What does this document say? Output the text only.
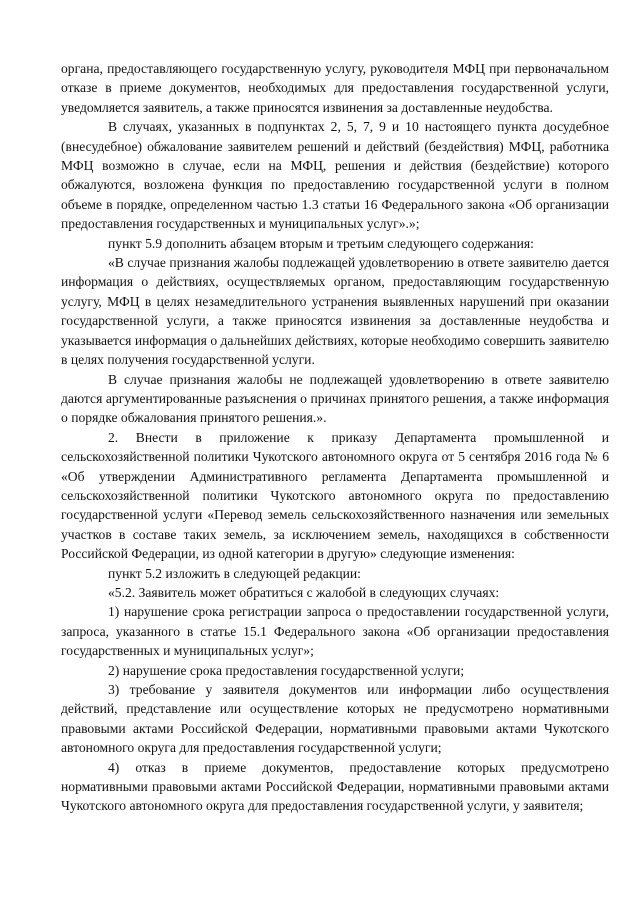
органа, предоставляющего государственную услугу, руководителя МФЦ при первоначальном отказе в приеме документов, необходимых для предоставления государственной услуги, уведомляется заявитель, а также приносятся извинения за доставленные неудобства.

В случаях, указанных в подпунктах 2, 5, 7, 9 и 10 настоящего пункта досудебное (внесудебное) обжалование заявителем решений и действий (бездействия) МФЦ, работника МФЦ возможно в случае, если на МФЦ, решения и действия (бездействие) которого обжалуются, возложена функция по предоставлению государственной услуги в полном объеме в порядке, определенном частью 1.3 статьи 16 Федерального закона «Об организации предоставления государственных и муниципальных услуг».»;

пункт 5.9 дополнить абзацем вторым и третьим следующего содержания:

«В случае признания жалобы подлежащей удовлетворению в ответе заявителю дается информация о действиях, осуществляемых органом, предоставляющим государственную услугу, МФЦ в целях незамедлительного устранения выявленных нарушений при оказании государственной услуги, а также приносятся извинения за доставленные неудобства и указывается информация о дальнейших действиях, которые необходимо совершить заявителю в целях получения государственной услуги.

В случае признания жалобы не подлежащей удовлетворению в ответе заявителю даются аргументированные разъяснения о причинах принятого решения, а также информация о порядке обжалования принятого решения.».

2. Внести в приложение к приказу Департамента промышленной и сельскохозяйственной политики Чукотского автономного округа от 5 сентября 2016 года № 6 «Об утверждении Административного регламента Департамента промышленной и сельскохозяйственной политики Чукотского автономного округа по предоставлению государственной услуги «Перевод земель сельскохозяйственного назначения или земельных участков в составе таких земель, за исключением земель, находящихся в собственности Российской Федерации, из одной категории в другую» следующие изменения:

пункт 5.2 изложить в следующей редакции:

«5.2. Заявитель может обратиться с жалобой в следующих случаях:

1) нарушение срока регистрации запроса о предоставлении государственной услуги, запроса, указанного в статье 15.1 Федерального закона «Об организации предоставления государственных и муниципальных услуг»;

2) нарушение срока предоставления государственной услуги;

3) требование у заявителя документов или информации либо осуществления действий, представление или осуществление которых не предусмотрено нормативными правовыми актами Российской Федерации, нормативными правовыми актами Чукотского автономного округа для предоставления государственной услуги;

4) отказ в приеме документов, предоставление которых предусмотрено нормативными правовыми актами Российской Федерации, нормативными правовыми актами Чукотского автономного округа для предоставления государственной услуги, у заявителя;
